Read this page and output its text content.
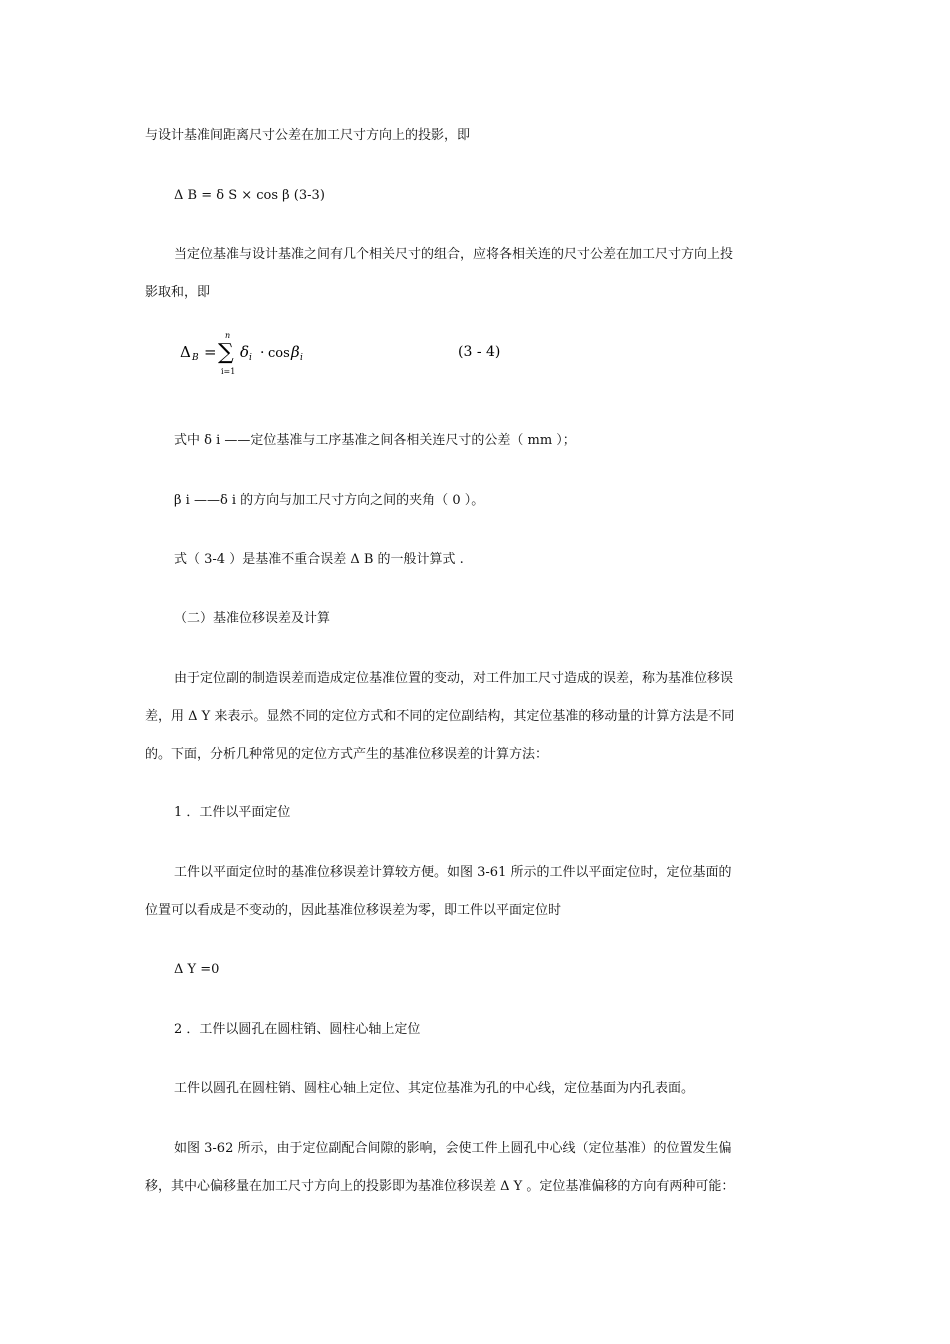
与设计基准间距离尺寸公差在加工尺寸方向上的投影，即
Δ B = δ S × cos β (3-3)
当定位基准与设计基准之间有几个相关尺寸的组合，应将各相关连的尺寸公差在加工尺寸方向上投
影取和，即
Δ B = ∑
n
i=1
δ i · cos β i	(3 - 4)
式中 δ i ——定位基准与工序基准之间各相关连尺寸的公差（ mm ）；
β i ——δ i 的方向与加工尺寸方向之间的夹角（ 0 ）。
式（ 3-4 ）是基准不重合误差 Δ B 的一般计算式 .
（二）基准位移误差及计算
由于定位副的制造误差而造成定位基准位置的变动，对工件加工尺寸造成的误差，称为基准位移误
差，用 Δ Y 来表示。显然不同的定位方式和不同的定位副结构，其定位基准的移动量的计算方法是不同
的。下面，分析几种常见的定位方式产生的基准位移误差的计算方法：
1 ．工件以平面定位
工件以平面定位时的基准位移误差计算较方便。如图 3-61 所示的工件以平面定位时，定位基面的
位置可以看成是不变动的，因此基准位移误差为零，即工件以平面定位时
Δ Y =0
2 ．工件以圆孔在圆柱销、圆柱心轴上定位
工件以圆孔在圆柱销、圆柱心轴上定位、其定位基准为孔的中心线，定位基面为内孔表面。
如图 3-62 所示，由于定位副配合间隙的影响，会使工件上圆孔中心线（定位基准）的位置发生偏
移，其中心偏移量在加工尺寸方向上的投影即为基准位移误差 Δ Y 。定位基准偏移的方向有两种可能：
